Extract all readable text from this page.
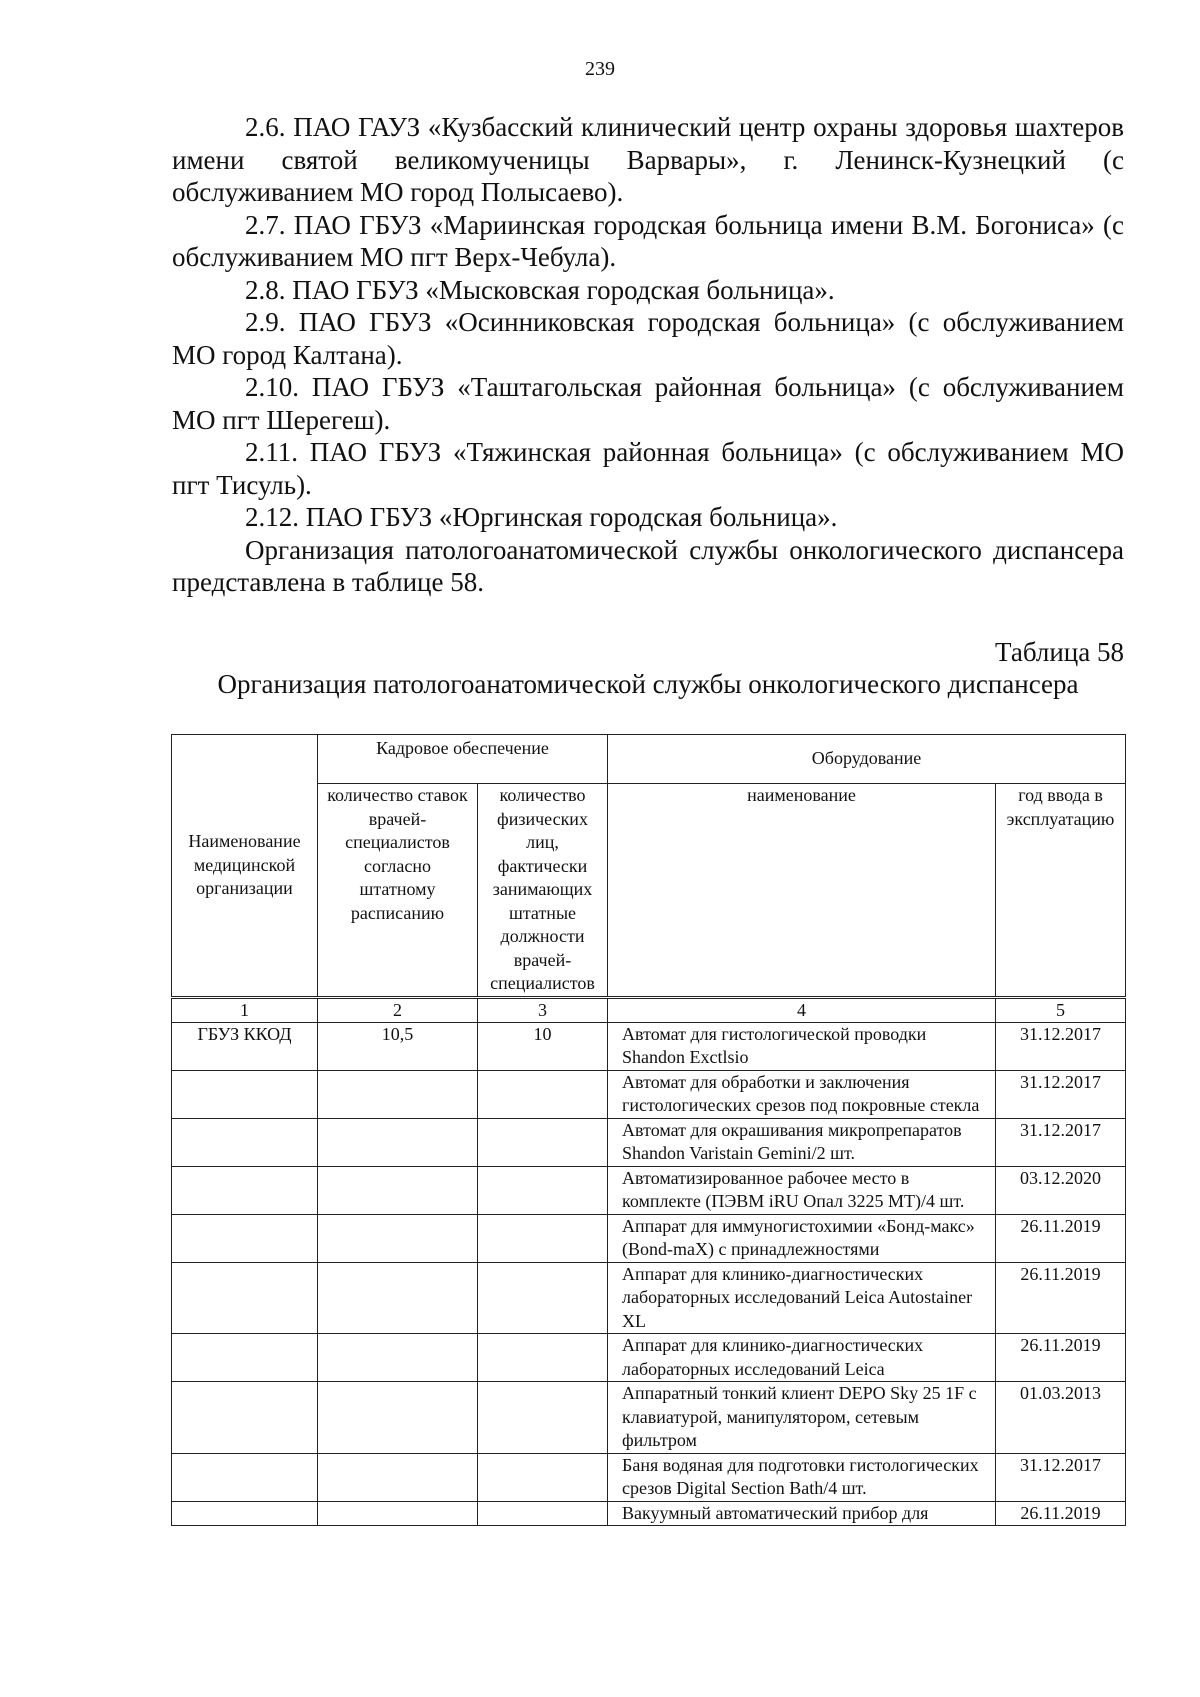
239

2.6. ПАО ГАУЗ «Кузбасский клинический центр охраны здоровья шахтеров имени святой великомученицы Варвары», г. Ленинск-Кузнецкий (с обслуживанием МО город Полысаево).

2.7. ПАО ГБУЗ «Мариинская городская больница имени В.М. Богониса» (с обслуживанием МО пгт Верх-Чебула).

2.8. ПАО ГБУЗ «Мысковская городская больница».

2.9. ПАО ГБУЗ «Осинниковская городская больница» (с обслуживанием МО город Калтана).

2.10. ПАО ГБУЗ «Таштагольская районная больница» (с обслуживанием МО пгт Шерегеш).

2.11. ПАО ГБУЗ «Тяжинская районная больница» (с обслуживанием МО пгт Тисуль).

2.12. ПАО ГБУЗ «Юргинская городская больница».

Организация патологоанатомической службы онкологического диспансера представлена в таблице 58.

Таблица 58
Организация патологоанатомической службы онкологического диспансера
Наименование медицинской организации	Кадровое обеспечение		Оборудование	
	количество ставок врачей-специалистов согласно штатному расписанию	количество физических лиц, фактически занимающих штатные должности врачей-специалистов	наименование	год ввода в эксплуатацию
1	2	3	4	5
ГБУЗ ККОД	10,5	10	Автомат для гистологической проводки Shandon Exctlsio	31.12.2017
			Автомат для обработки и заключения гистологических срезов под покровные стекла	31.12.2017
			Автомат для окрашивания микропрепаратов Shandon Varistain Gemini/2 шт.	31.12.2017
			Автоматизированное рабочее место в комплекте (ПЭВМ iRU Опал 3225 МТ)/4 шт.	03.12.2020
			Аппарат для иммуногистохимии «Бонд-макс» (Bond-maX) с принадлежностями	26.11.2019
			Аппарат для клинико-диагностических лабораторных исследований Leica Autostainer XL	26.11.2019
			Аппарат для клинико-диагностических лабораторных исследований Leica	26.11.2019
			Аппаратный тонкий клиент DEPO Sky 25 1F с клавиатурой, манипулятором, сетевым фильтром	01.03.2013
			Баня водяная для подготовки гистологических срезов Digital Section Bath/4 шт.	31.12.2017
			Вакуумный автоматический прибор для	26.11.2019
